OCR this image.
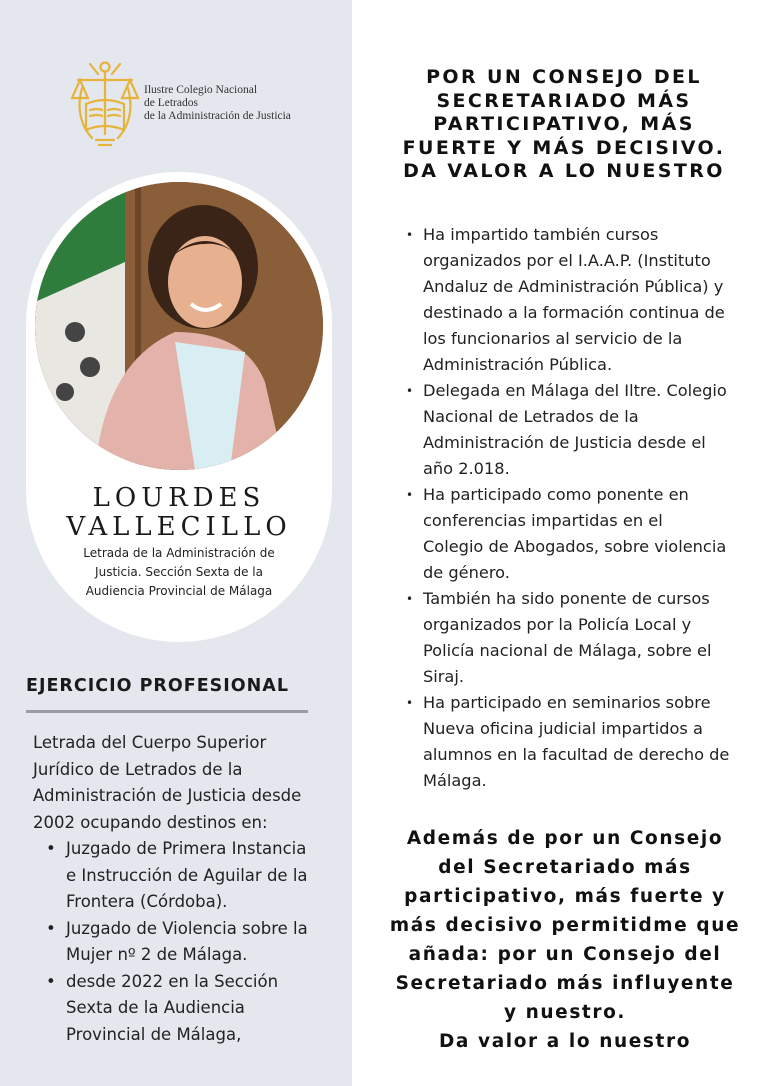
Ilustre Colegio Nacional
de Letrados
de la Administración de Justicia
LOURDES
VALLECILLO
Letrada de la Administración de
Justicia. Sección Sexta de la
Audiencia Provincial de Málaga
EJERCICIO PROFESIONAL
Letrada del Cuerpo Superior
Jurídico de Letrados de la
Administración de Justicia desde
2002 ocupando destinos en:
• Juzgado de Primera Instancia
e Instrucción de Aguilar de la
Frontera (Córdoba).
• Juzgado de Violencia sobre la
Mujer nº 2 de Málaga.
• desde 2022 en la Sección
Sexta de la Audiencia
Provincial de Málaga,
POR UN CONSEJO DEL
SECRETARIADO MÁS
PARTICIPATIVO, MÁS
FUERTE Y MÁS DECISIVO.
DA VALOR A LO NUESTRO
• Ha impartido también cursos
organizados por el I.A.A.P. (Instituto
Andaluz de Administración Pública) y
destinado a la formación continua de
los funcionarios al servicio de la
Administración Pública.
• Delegada en Málaga del Iltre. Colegio
Nacional de Letrados de la
Administración de Justicia desde el
año 2.018.
• Ha participado como ponente en
conferencias impartidas en el
Colegio de Abogados, sobre violencia
de género.
• También ha sido ponente de cursos
organizados por la Policía Local y
Policía nacional de Málaga, sobre el
Siraj.
• Ha participado en seminarios sobre
Nueva oficina judicial impartidos a
alumnos en la facultad de derecho de
Málaga.
Además de por un Consejo
del Secretariado más
participativo, más fuerte y
más decisivo permitidme que
añada: por un Consejo del
Secretariado más influyente
y nuestro.
Da valor a lo nuestro
